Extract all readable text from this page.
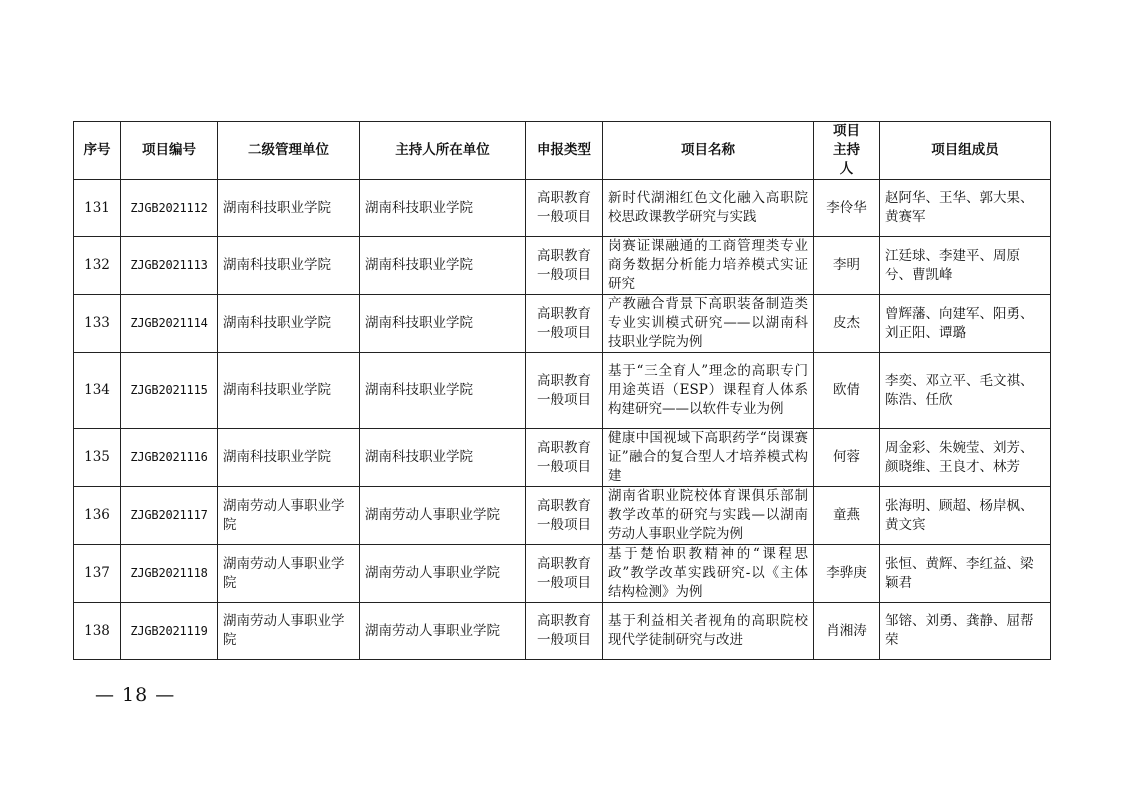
序号	项目编号	二级管理单位	主持人所在单位	申报类型	项目名称	项目主持人	项目组成员
131	ZJGB2021112	湖南科技职业学院	湖南科技职业学院	高职教育一般项目	新时代湖湘红色文化融入高职院校思政课教学研究与实践	李伶华	赵阿华、王华、郭大果、黄赛军
132	ZJGB2021113	湖南科技职业学院	湖南科技职业学院	高职教育一般项目	岗赛证课融通的工商管理类专业商务数据分析能力培养模式实证研究	李明	江廷球、李建平、周原兮、曹凯峰
133	ZJGB2021114	湖南科技职业学院	湖南科技职业学院	高职教育一般项目	产教融合背景下高职装备制造类专业实训模式研究——以湖南科技职业学院为例	皮杰	曾辉藩、向建军、阳勇、刘正阳、谭璐
134	ZJGB2021115	湖南科技职业学院	湖南科技职业学院	高职教育一般项目	基于“三全育人”理念的高职专门用途英语（ESP）课程育人体系构建研究——以软件专业为例	欧倩	李奕、邓立平、毛文祺、陈浩、任欣
135	ZJGB2021116	湖南科技职业学院	湖南科技职业学院	高职教育一般项目	健康中国视域下高职药学“岗课赛证”融合的复合型人才培养模式构建	何蓉	周金彩、朱婉莹、刘芳、颜晓维、王良才、林芳
136	ZJGB2021117	湖南劳动人事职业学院	湖南劳动人事职业学院	高职教育一般项目	湖南省职业院校体育课俱乐部制教学改革的研究与实践—以湖南劳动人事职业学院为例	童燕	张海明、顾超、杨岸枫、黄文宾
137	ZJGB2021118	湖南劳动人事职业学院	湖南劳动人事职业学院	高职教育一般项目	基于楚怡职教精神的“课程思政”教学改革实践研究-以《主体结构检测》为例	李骅庚	张恒、黄辉、李红益、梁颖君
138	ZJGB2021119	湖南劳动人事职业学院	湖南劳动人事职业学院	高职教育一般项目	基于利益相关者视角的高职院校现代学徒制研究与改进	肖湘涛	邹镕、刘勇、龚静、屈帮荣
— 18 —
